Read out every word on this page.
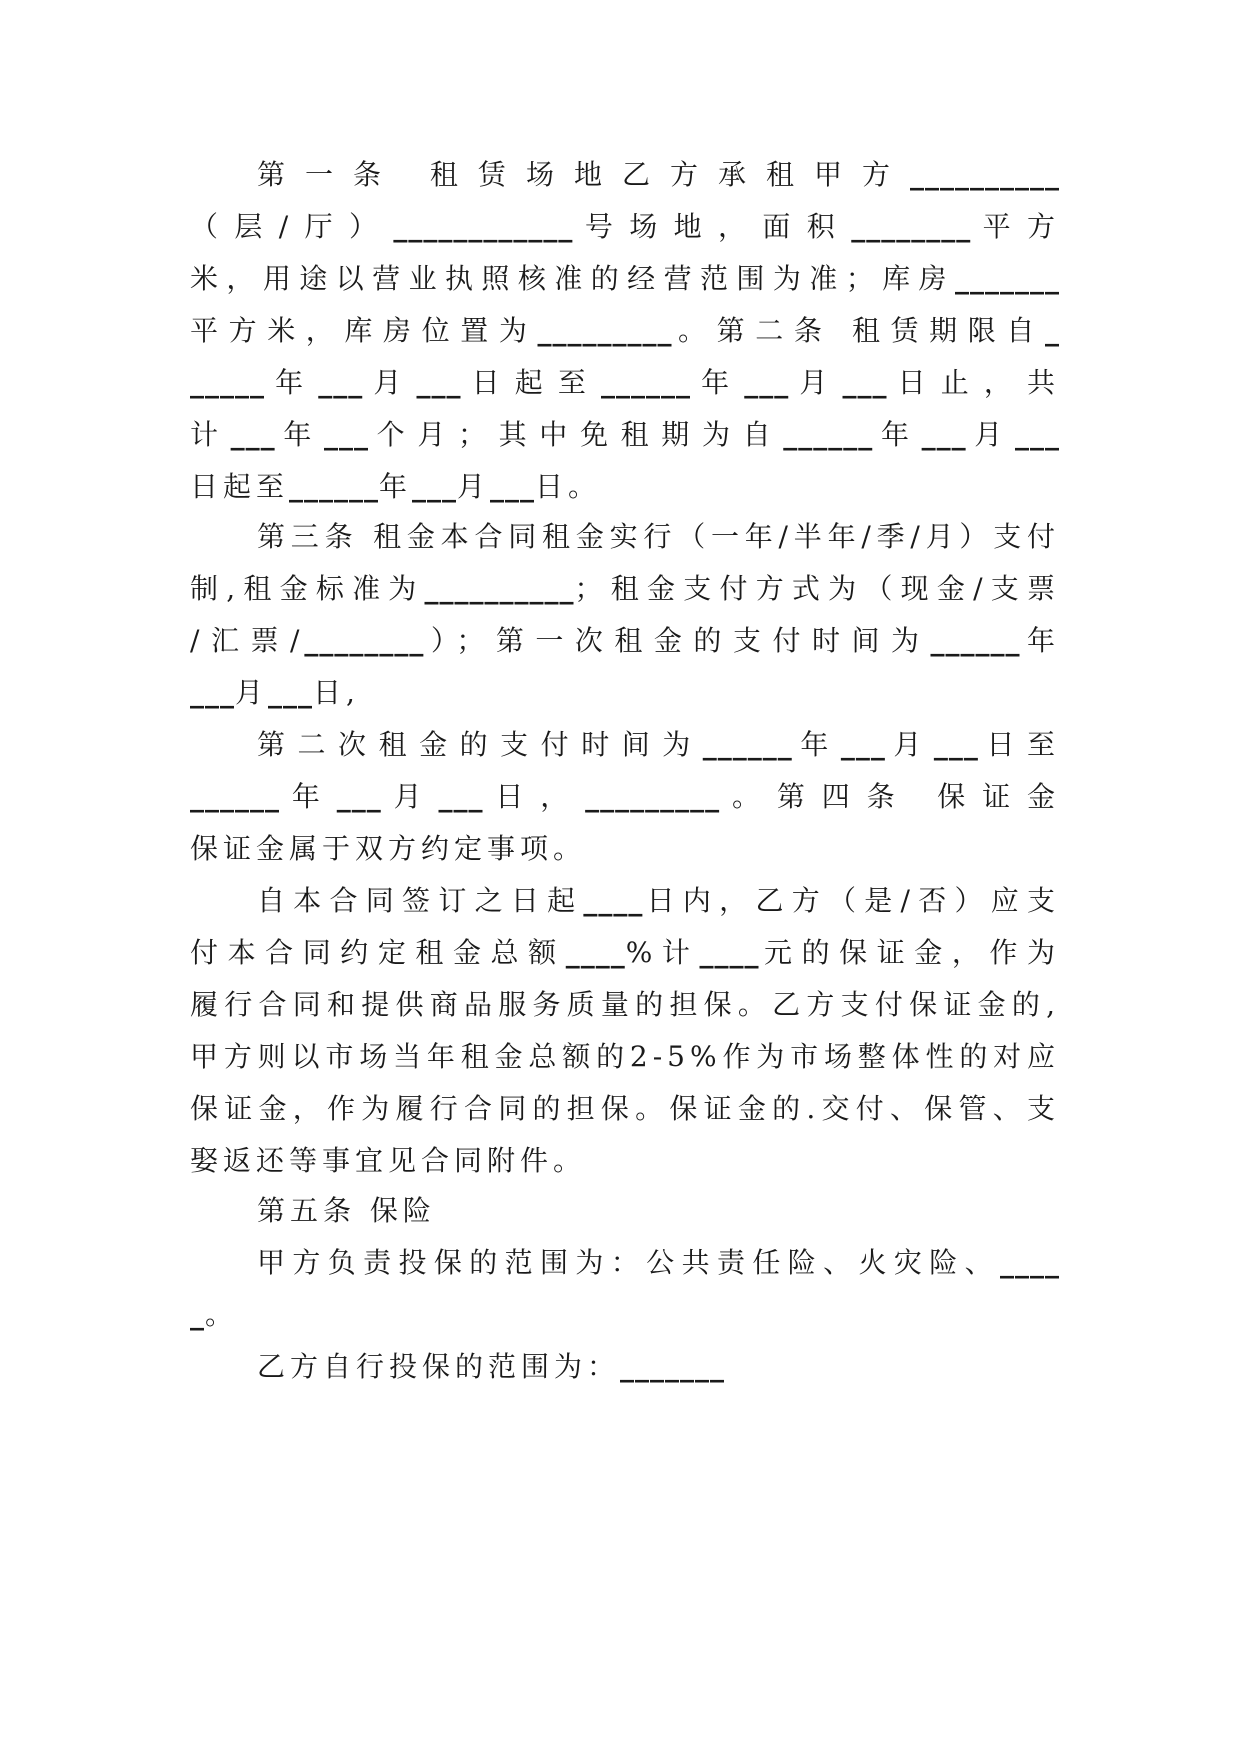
第一条 租赁场地乙方承租甲方__________
（层/厅）____________号场地，面积________平方
米，用途以营业执照核准的经营范围为准；库房_______
平方米，库房位置为_________。第二条 租赁期限自_
_____年___月___日起至______年___月___日止，共
计___年___个月；其中免租期为自______年___月___
日起至______年___月___日。
第三条 租金本合同租金实行（一年/半年/季/月）支付
制,租金标准为__________；租金支付方式为（现金/支票
/汇票/________）；第一次租金的支付时间为______年
___月___日,
第二次租金的支付时间为______年___月___日至
______年___月___日，_________。第四条 保证金
保证金属于双方约定事项。
自本合同签订之日起____日内，乙方（是/否）应支
付本合同约定租金总额____%计____元的保证金，作为
履行合同和提供商品服务质量的担保。乙方支付保证金的,
甲方则以市场当年租金总额的2-5%作为市场整体性的对应
保证金，作为履行合同的担保。保证金的.交付、保管、支
娶返还等事宜见合同附件。
第五条 保险
甲方负责投保的范围为：公共责任险、火灾险、____
_。
乙方自行投保的范围为：_______
